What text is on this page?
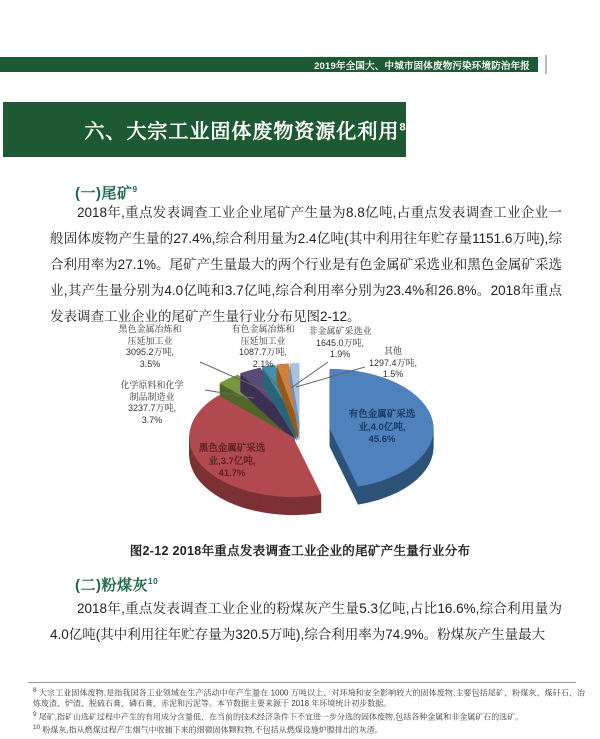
2019年全国大、中城市固体废物污染环境防治年报
六、大宗工业固体废物资源化利用$^8$
(一)尾矿$^9$
2018年,重点发表调查工业企业尾矿产生量为8.8亿吨,占重点发表调查工业企业一般固体废物产生量的27.4%,综合利用量为2.4亿吨(其中利用往年贮存量1151.6万吨),综合利用率为27.1%。尾矿产生量最大的两个行业是有色金属矿采选业和黑色金属矿采选业,其产生量分别为4.0亿吨和3.7亿吨,综合利用率分别为23.4%和26.8%。2018年重点发表调查工业企业的尾矿产生量行业分布见图2-12。
有色金属矿采选
业,4.0亿吨,
45.6%
黑色金属矿采选
业,3.7亿吨,
41.7%
化学原料和化学
制品制造业
3237.7万吨,
3.7%
黑色金属冶炼和
压延加工业
3095.2万吨,
3.5%
有色金属冶炼和
压延加工业
1087.7万吨,
2.1%
非金属矿采选业
1645.0万吨,
1.9%	其他
1297.4万吨,
1.5%
图2-12 2018年重点发表调查工业企业的尾矿产生量行业分布
(二)粉煤灰$^{10}$
2018年,重点发表调查工业企业的粉煤灰产生量5.3亿吨,占比16.6%,综合利用量为4.0亿吨(其中利用往年贮存量为320.5万吨),综合利用率为74.9%。粉煤灰产生量最大

$^8$ 大宗工业固体废物,是指我国各工业领域在生产活动中年产生量在 1000 万吨以上、对环境和安全影响较大的固体废物,主要包括尾矿、粉煤灰、煤矸石、冶炼废渣、炉渣、脱硫石膏、磷石膏、赤泥和污泥等。本节数据主要来源于 2018 年环境统计初步数据。

$^9$ 尾矿,指矿山选矿过程中产生的有用成分含量低、在当前的技术经济条件下不宜进一步分选的固体废物,包括各种金属和非金属矿石的选矿。

$^{10}$ 粉煤灰,指从燃煤过程产生烟气中收捕下来的细微固体颗粒物,不包括从燃煤设施炉膛排出的灰渣。
